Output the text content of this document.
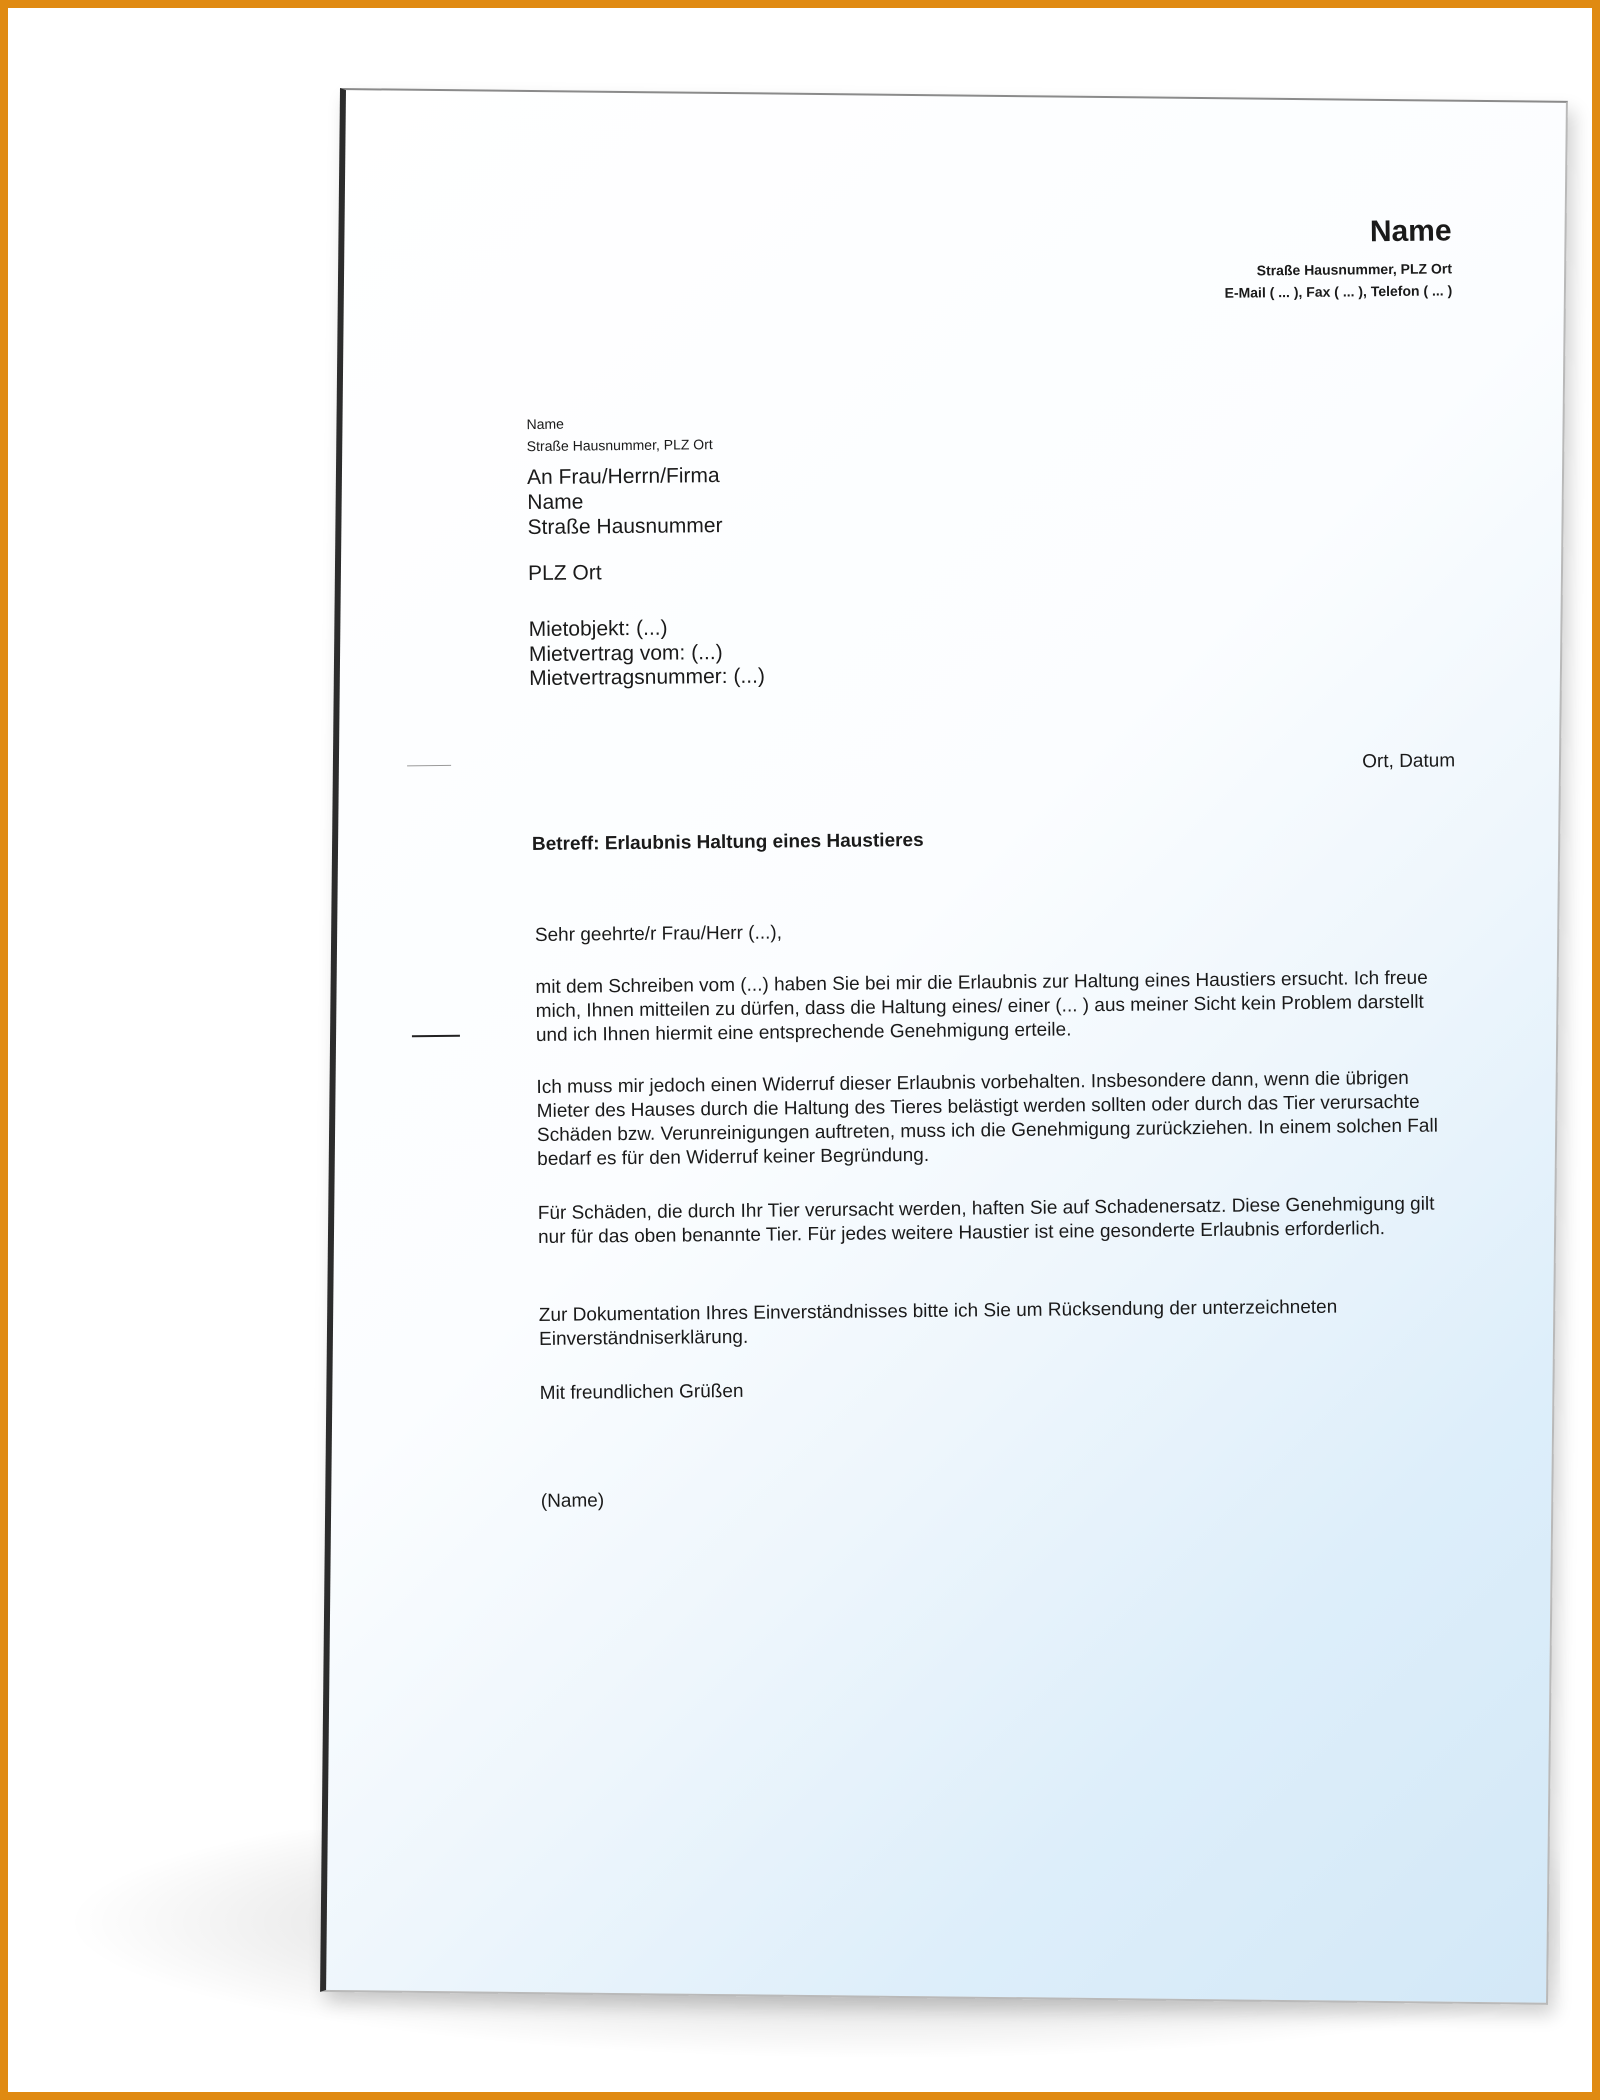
Name
Straße Hausnummer, PLZ Ort
E-Mail ( ... ), Fax ( ... ), Telefon ( ... )
Name
Straße Hausnummer, PLZ Ort
An Frau/Herrn/Firma
Name
Straße Hausnummer
PLZ Ort
Mietobjekt: (...)
Mietvertrag vom: (...)
Mietvertragsnummer: (...)
Ort, Datum
Betreff: Erlaubnis Haltung eines Haustieres
Sehr geehrte/r Frau/Herr (...),
mit dem Schreiben vom (...) haben Sie bei mir die Erlaubnis zur Haltung eines Haustiers ersucht. Ich freue mich, Ihnen mitteilen zu dürfen, dass die Haltung eines/ einer (... ) aus meiner Sicht kein Problem darstellt und ich Ihnen hiermit eine entsprechende Genehmigung erteile.
Ich muss mir jedoch einen Widerruf dieser Erlaubnis vorbehalten. Insbesondere dann, wenn die übrigen Mieter des Hauses durch die Haltung des Tieres belästigt werden sollten oder durch das Tier verursachte Schäden bzw. Verunreinigungen auftreten, muss ich die Genehmigung zurückziehen. In einem solchen Fall bedarf es für den Widerruf keiner Begründung.
Für Schäden, die durch Ihr Tier verursacht werden, haften Sie auf Schadenersatz. Diese Genehmigung gilt nur für das oben benannte Tier. Für jedes weitere Haustier ist eine gesonderte Erlaubnis erforderlich.
Zur Dokumentation Ihres Einverständnisses bitte ich Sie um Rücksendung der unterzeichneten Einverständniserklärung.
Mit freundlichen Grüßen
(Name)
